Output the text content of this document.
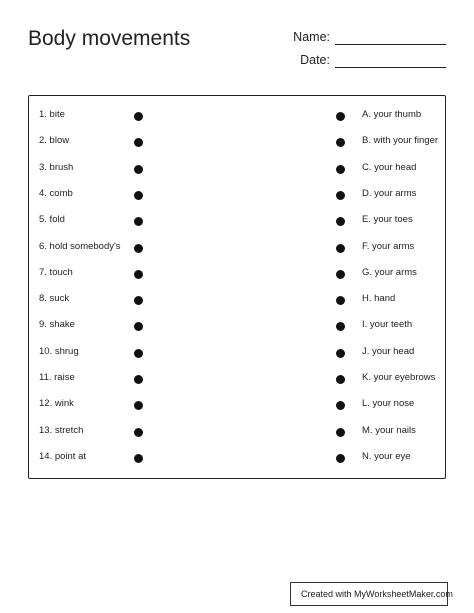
Body movements	Name:
Date:
1. bite	A. your thumb
2. blow	B. with your finger
3. brush	C. your head
4. comb	D. your arms
5. fold	E. your toes
6. hold somebody's	F. your arms
7. touch	G. your arms
8. suck	H. hand
9. shake	I. your teeth
10. shrug	J. your head
11. raise	K. your eyebrows
12. wink	L. your nose
13. stretch	M. your nails
14. point at	N. your eye
Created with MyWorksheetMaker.com
